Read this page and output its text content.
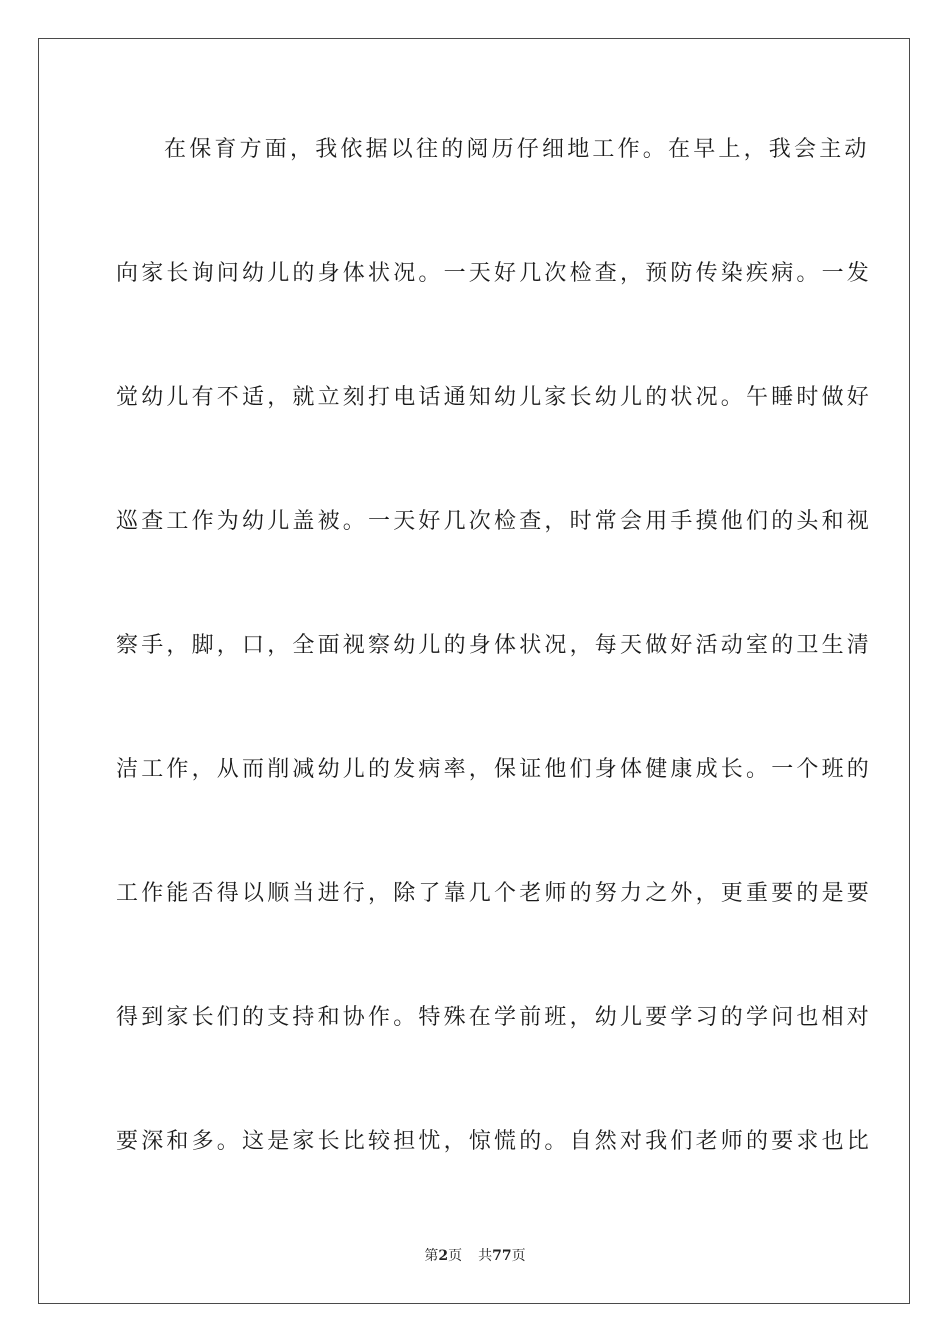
在保育方面，我依据以往的阅历仔细地工作。在早上，我会主动
向家长询问幼儿的身体状况。一天好几次检查，预防传染疾病。一发
觉幼儿有不适，就立刻打电话通知幼儿家长幼儿的状况。午睡时做好
巡查工作为幼儿盖被。一天好几次检查，时常会用手摸他们的头和视
察手，脚，口，全面视察幼儿的身体状况，每天做好活动室的卫生清
洁工作，从而削减幼儿的发病率，保证他们身体健康成长。一个班的
工作能否得以顺当进行，除了靠几个老师的努力之外，更重要的是要
得到家长们的支持和协作。特殊在学前班，幼儿要学习的学问也相对
要深和多。这是家长比较担忧，惊慌的。自然对我们老师的要求也比
第2页 共77页
